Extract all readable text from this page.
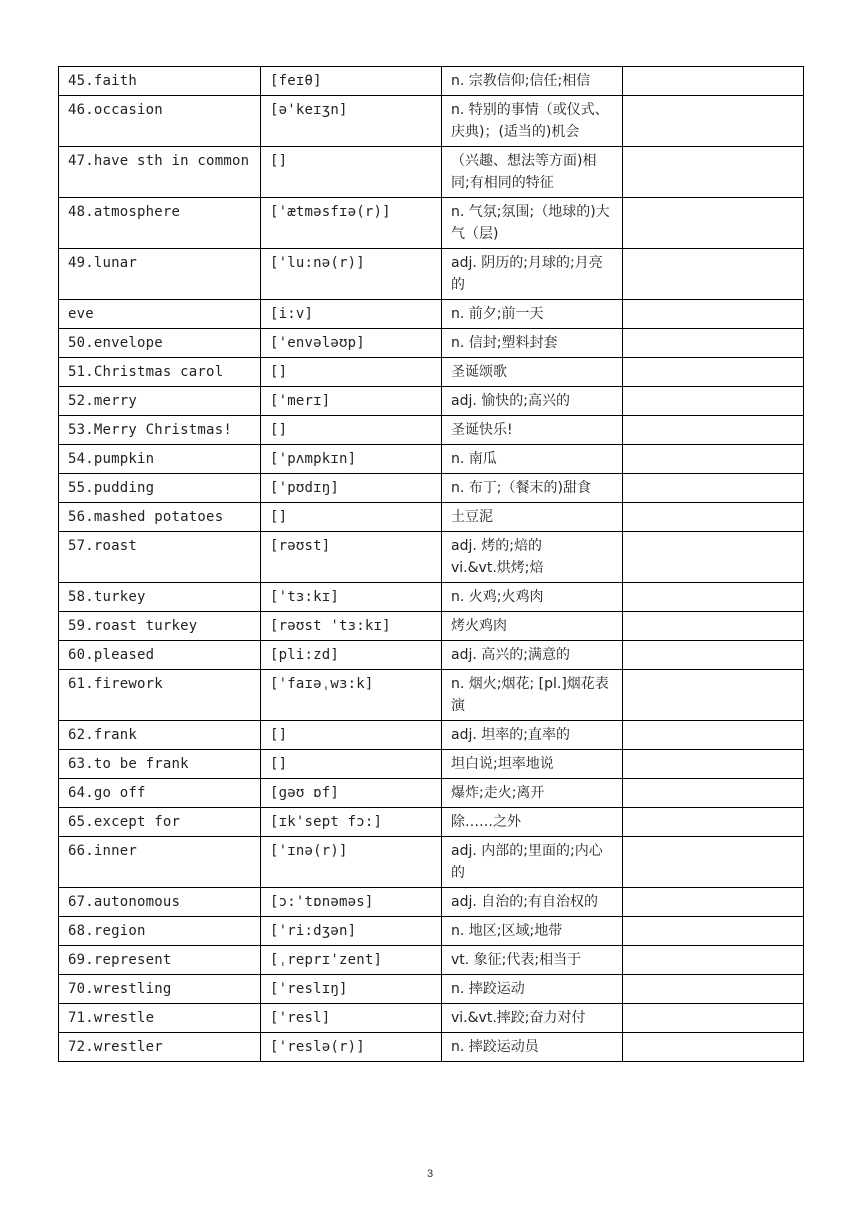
45.faith	[feɪθ]	n. 宗教信仰;信任;相信	
46.occasion	[ə'keɪʒn]	n. 特别的事情（或仪式、庆典)；(适当的)机会	
47.have sth in common	[]	（兴趣、想法等方面)相同;有相同的特征	
48.atmosphere	['ætməsfɪə(r)]	n. 气氛;氛围;（地球的)大气（层)	
49.lunar	['lu:nə(r)]	adj. 阴历的;月球的;月亮的	
eve	[i:v]	n. 前夕;前一天	
50.envelope	['envələʊp]	n. 信封;塑料封套	
51.Christmas carol	[]	圣诞颂歌	
52.merry	['merɪ]	adj. 愉快的;高兴的	
53.Merry Christmas!	[]	圣诞快乐!	
54.pumpkin	['pʌmpkɪn]	n. 南瓜	
55.pudding	['pʊdɪŋ]	n. 布丁;（餐末的)甜食	
56.mashed potatoes	[]	土豆泥	
57.roast	[rəʊst]	adj. 烤的;焙的
vi.&vt.烘烤;焙	
58.turkey	['tɜ:kɪ]	n. 火鸡;火鸡肉	
59.roast turkey	[rəʊst 'tɜ:kɪ]	烤火鸡肉	
60.pleased	[pli:zd]	adj. 高兴的;满意的	
61.firework	['faɪəˌwɜ:k]	n. 烟火;烟花; [pl.]烟花表演	
62.frank	[]	adj. 坦率的;直率的	
63.to be frank	[]	坦白说;坦率地说	
64.go off	[gəʊ ɒf]	爆炸;走火;离开	
65.except for	[ɪk'sept fɔ:]	除……之外	
66.inner	['ɪnə(r)]	adj. 内部的;里面的;内心的	
67.autonomous	[ɔ:'tɒnəməs]	adj. 自治的;有自治权的	
68.region	['ri:dʒən]	n. 地区;区域;地带	
69.represent	[ˌreprɪ'zent]	vt. 象征;代表;相当于	
70.wrestling	['reslɪŋ]	n. 摔跤运动	
71.wrestle	['resl]	vi.&vt.摔跤;奋力对付	
72.wrestler	['reslə(r)]	n. 摔跤运动员	
3
